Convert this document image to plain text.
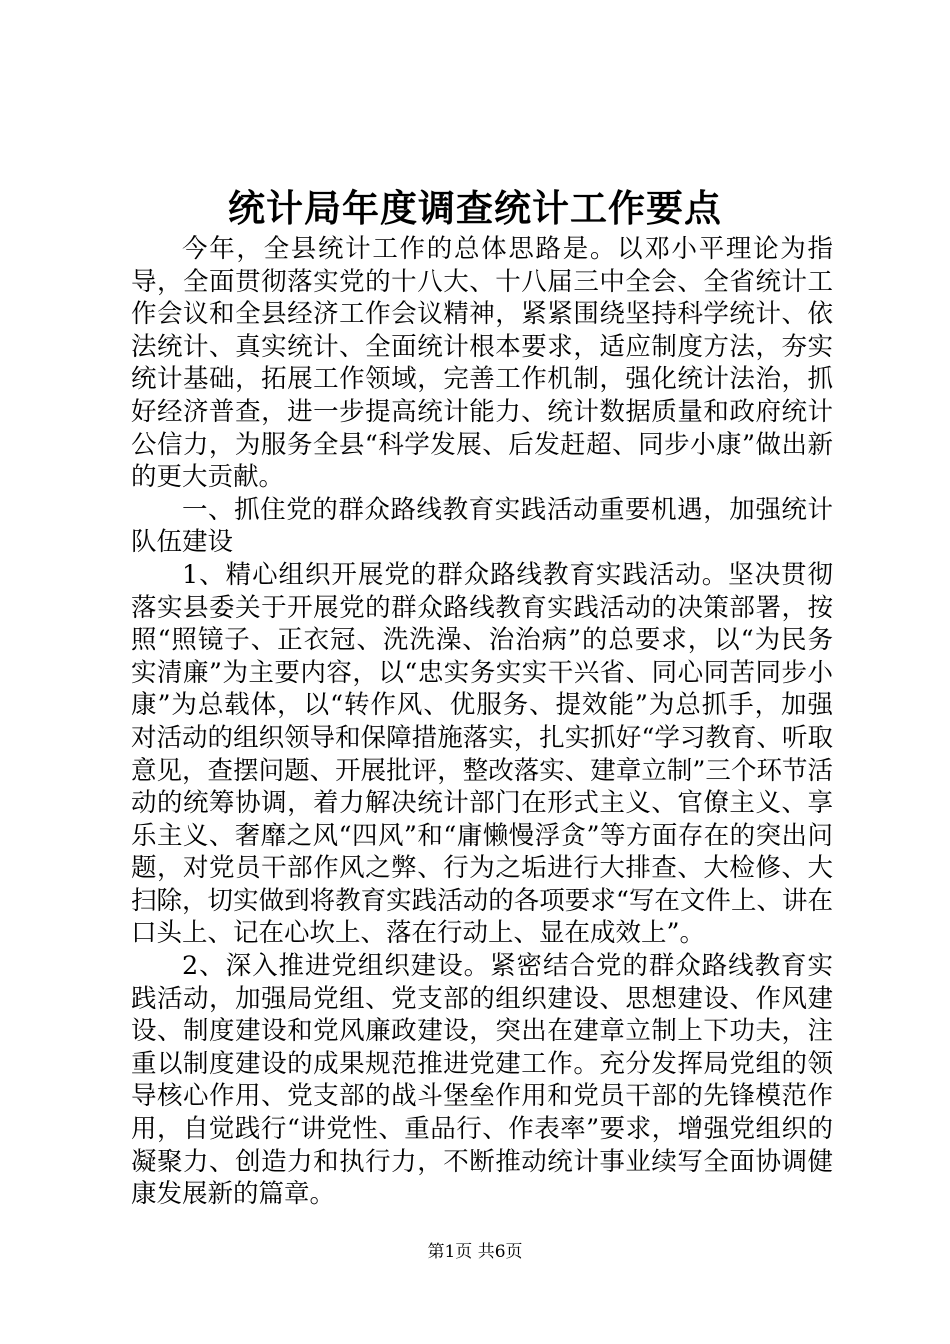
统计局年度调查统计工作要点

今年，全县统计工作的总体思路是。以邓小平理论为指导，全面贯彻落实党的十八大、十八届三中全会、全省统计工作会议和全县经济工作会议精神，紧紧围绕坚持科学统计、依法统计、真实统计、全面统计根本要求，适应制度方法，夯实统计基础，拓展工作领域，完善工作机制，强化统计法治，抓好经济普查，进一步提高统计能力、统计数据质量和政府统计公信力，为服务全县“科学发展、后发赶超、同步小康”做出新的更大贡献。

一、抓住党的群众路线教育实践活动重要机遇，加强统计队伍建设

1、精心组织开展党的群众路线教育实践活动。坚决贯彻落实县委关于开展党的群众路线教育实践活动的决策部署，按照“照镜子、正衣冠、洗洗澡、治治病”的总要求，以“为民务实清廉”为主要内容，以“忠实务实实干兴省、同心同苦同步小康”为总载体，以“转作风、优服务、提效能”为总抓手，加强对活动的组织领导和保障措施落实，扎实抓好“学习教育、听取意见，查摆问题、开展批评，整改落实、建章立制”三个环节活动的统筹协调，着力解决统计部门在形式主义、官僚主义、享乐主义、奢靡之风“四风”和“庸懒慢浮贪”等方面存在的突出问题，对党员干部作风之弊、行为之垢进行大排查、大检修、大扫除，切实做到将教育实践活动的各项要求“写在文件上、讲在口头上、记在心坎上、落在行动上、显在成效上”。

2、深入推进党组织建设。紧密结合党的群众路线教育实践活动，加强局党组、党支部的组织建设、思想建设、作风建设、制度建设和党风廉政建设，突出在建章立制上下功夫，注重以制度建设的成果规范推进党建工作。充分发挥局党组的领导核心作用、党支部的战斗堡垒作用和党员干部的先锋模范作用，自觉践行“讲党性、重品行、作表率”要求，增强党组织的凝聚力、创造力和执行力，不断推动统计事业续写全面协调健康发展新的篇章。

第1页 共6页
